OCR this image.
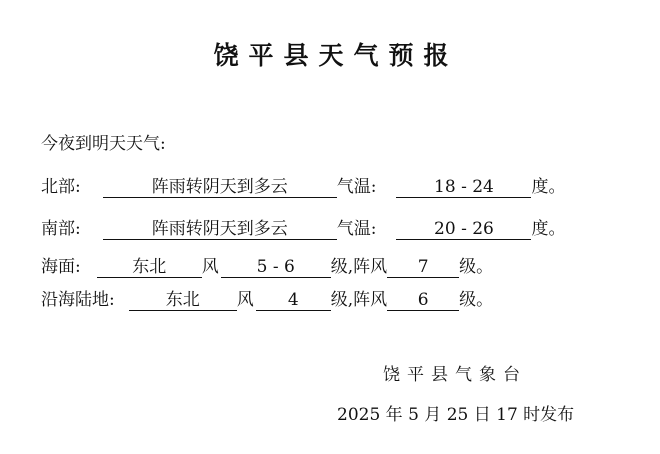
饶平县天气预报
今夜到明天天气:
北部:	阵雨转阴天到多云	气温:	18 - 24 度。
南部:	阵雨转阴天到多云	气温:	20 - 26 度。
海面:	东北 风 5 - 6 级,阵风 7 级。
沿海陆地:	东北 风 4 级,阵风 6 级。
饶平县气象台
2025 年 5 月 25 日 17 时发布
